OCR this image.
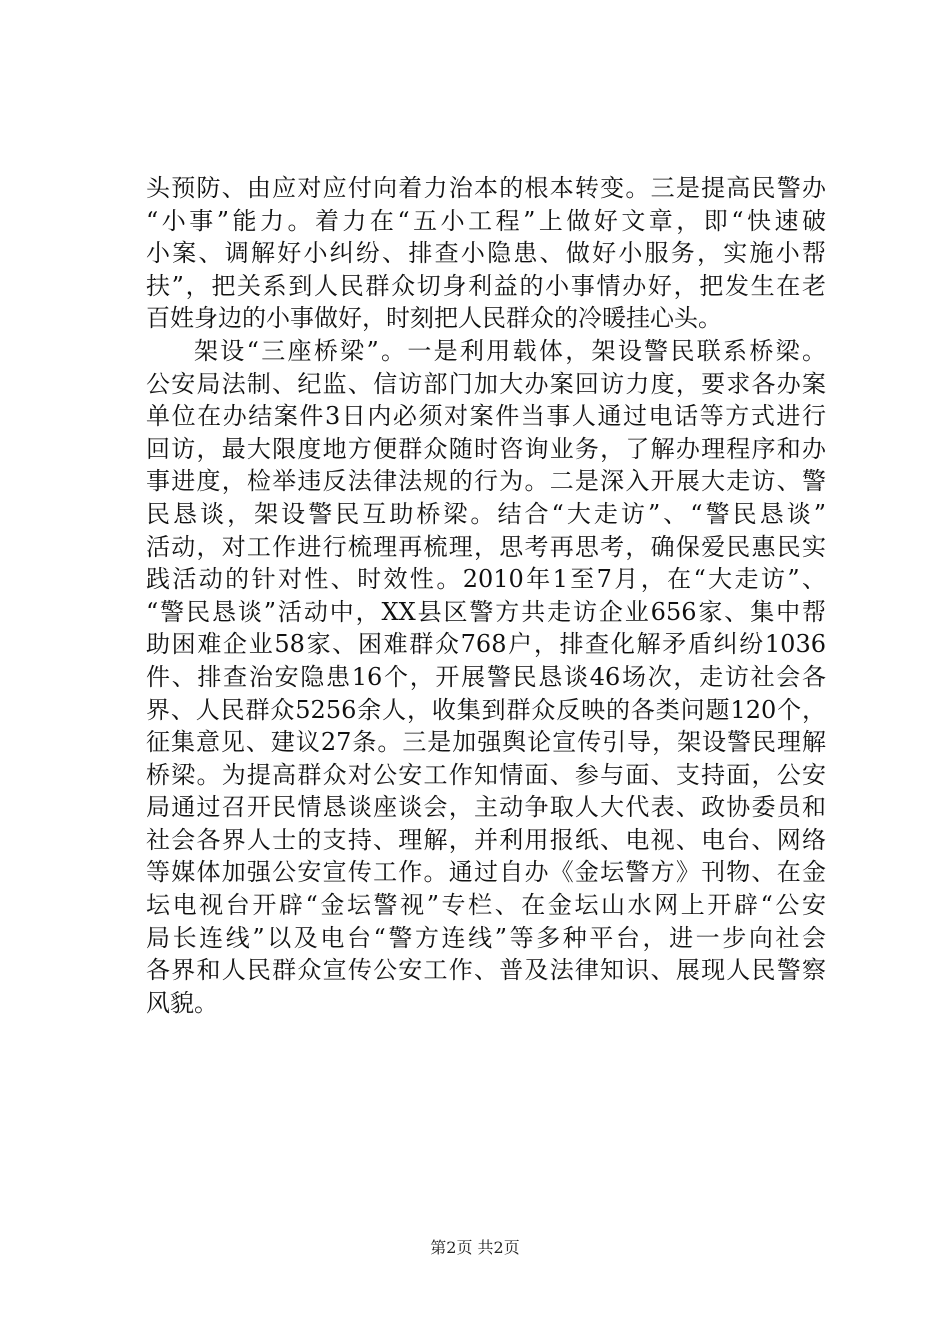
头预防、由应对应付向着力治本的根本转变。三是提高民警办
“小事”能力。着力在“五小工程”上做好文章，即“快速破
小案、调解好小纠纷、排查小隐患、做好小服务，实施小帮
扶”，把关系到人民群众切身利益的小事情办好，把发生在老
百姓身边的小事做好，时刻把人民群众的冷暖挂心头。
架设“三座桥梁”。一是利用载体，架设警民联系桥梁。
公安局法制、纪监、信访部门加大办案回访力度，要求各办案
单位在办结案件3日内必须对案件当事人通过电话等方式进行
回访，最大限度地方便群众随时咨询业务，了解办理程序和办
事进度，检举违反法律法规的行为。二是深入开展大走访、警
民恳谈，架设警民互助桥梁。结合“大走访”、“警民恳谈”
活动，对工作进行梳理再梳理，思考再思考，确保爱民惠民实
践活动的针对性、时效性。2010年1至7月，在“大走访”、
“警民恳谈”活动中，XX县区警方共走访企业656家、集中帮
助困难企业58家、困难群众768户，排查化解矛盾纠纷1036
件、排查治安隐患16个，开展警民恳谈46场次，走访社会各
界、人民群众5256余人，收集到群众反映的各类问题120个，
征集意见、建议27条。三是加强舆论宣传引导，架设警民理解
桥梁。为提高群众对公安工作知情面、参与面、支持面，公安
局通过召开民情恳谈座谈会，主动争取人大代表、政协委员和
社会各界人士的支持、理解，并利用报纸、电视、电台、网络
等媒体加强公安宣传工作。通过自办《金坛警方》刊物、在金
坛电视台开辟“金坛警视”专栏、在金坛山水网上开辟“公安
局长连线”以及电台“警方连线”等多种平台，进一步向社会
各界和人民群众宣传公安工作、普及法律知识、展现人民警察
风貌。
第2页 共2页
